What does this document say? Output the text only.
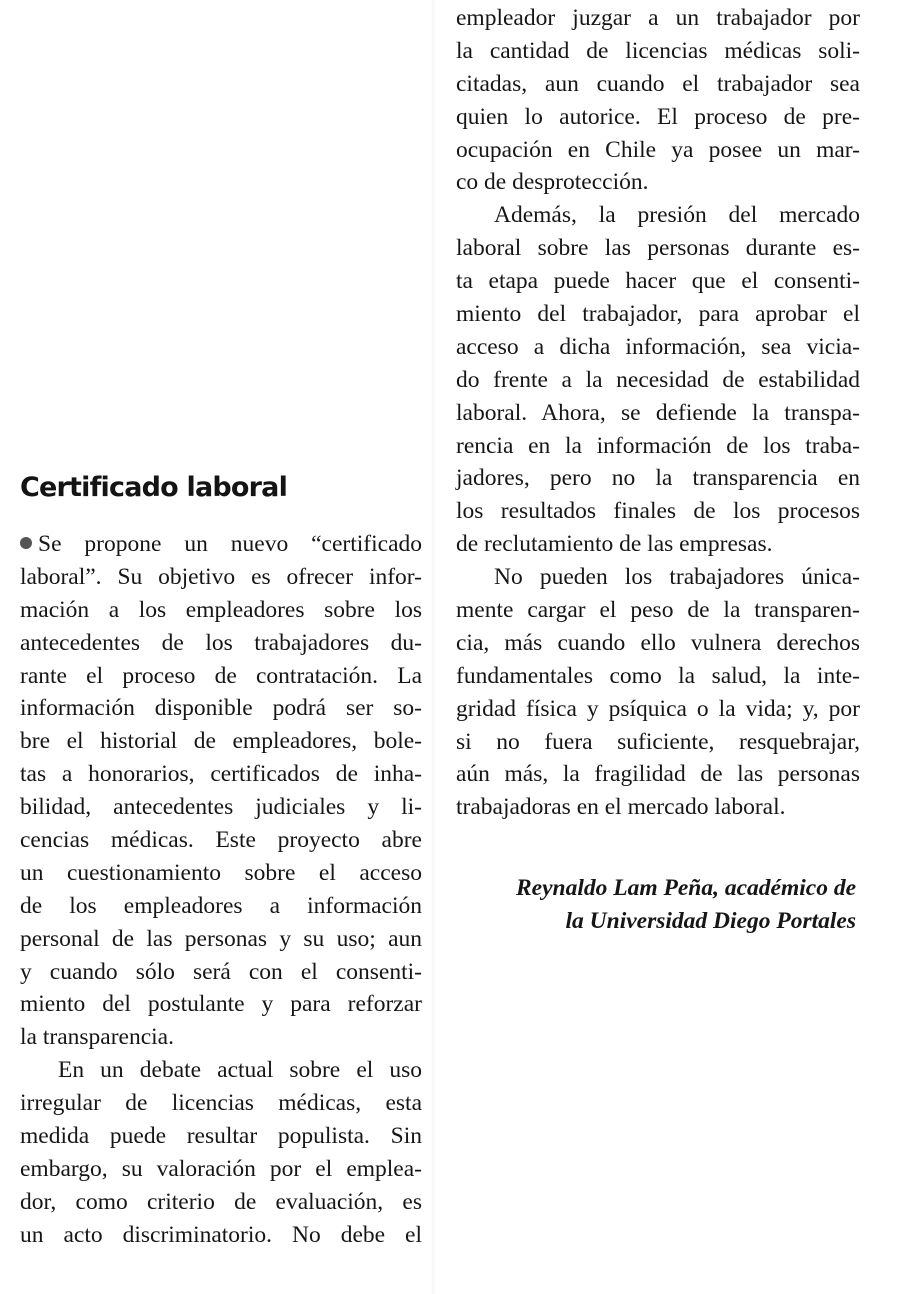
Certificado laboral
Se propone un nuevo “certificado
laboral”. Su objetivo es ofrecer infor-
mación a los empleadores sobre los
antecedentes de los trabajadores du-
rante el proceso de contratación. La
información disponible podrá ser so-
bre el historial de empleadores, bole-
tas a honorarios, certificados de inha-
bilidad, antecedentes judiciales y li-
cencias médicas. Este proyecto abre
un cuestionamiento sobre el acceso
de los empleadores a información
personal de las personas y su uso; aun
y cuando sólo será con el consenti-
miento del postulante y para reforzar
la transparencia.
En un debate actual sobre el uso
irregular de licencias médicas, esta
medida puede resultar populista. Sin
embargo, su valoración por el emplea-
dor, como criterio de evaluación, es
un acto discriminatorio. No debe el
empleador juzgar a un trabajador por
la cantidad de licencias médicas soli-
citadas, aun cuando el trabajador sea
quien lo autorice. El proceso de pre-
ocupación en Chile ya posee un mar-
co de desprotección.
Además, la presión del mercado
laboral sobre las personas durante es-
ta etapa puede hacer que el consenti-
miento del trabajador, para aprobar el
acceso a dicha información, sea vicia-
do frente a la necesidad de estabilidad
laboral. Ahora, se defiende la transpa-
rencia en la información de los traba-
jadores, pero no la transparencia en
los resultados finales de los procesos
de reclutamiento de las empresas.
No pueden los trabajadores única-
mente cargar el peso de la transparen-
cia, más cuando ello vulnera derechos
fundamentales como la salud, la inte-
gridad física y psíquica o la vida; y, por
si no fuera suficiente, resquebrajar,
aún más, la fragilidad de las personas
trabajadoras en el mercado laboral.
Reynaldo Lam Peña, académico de
la Universidad Diego Portales
